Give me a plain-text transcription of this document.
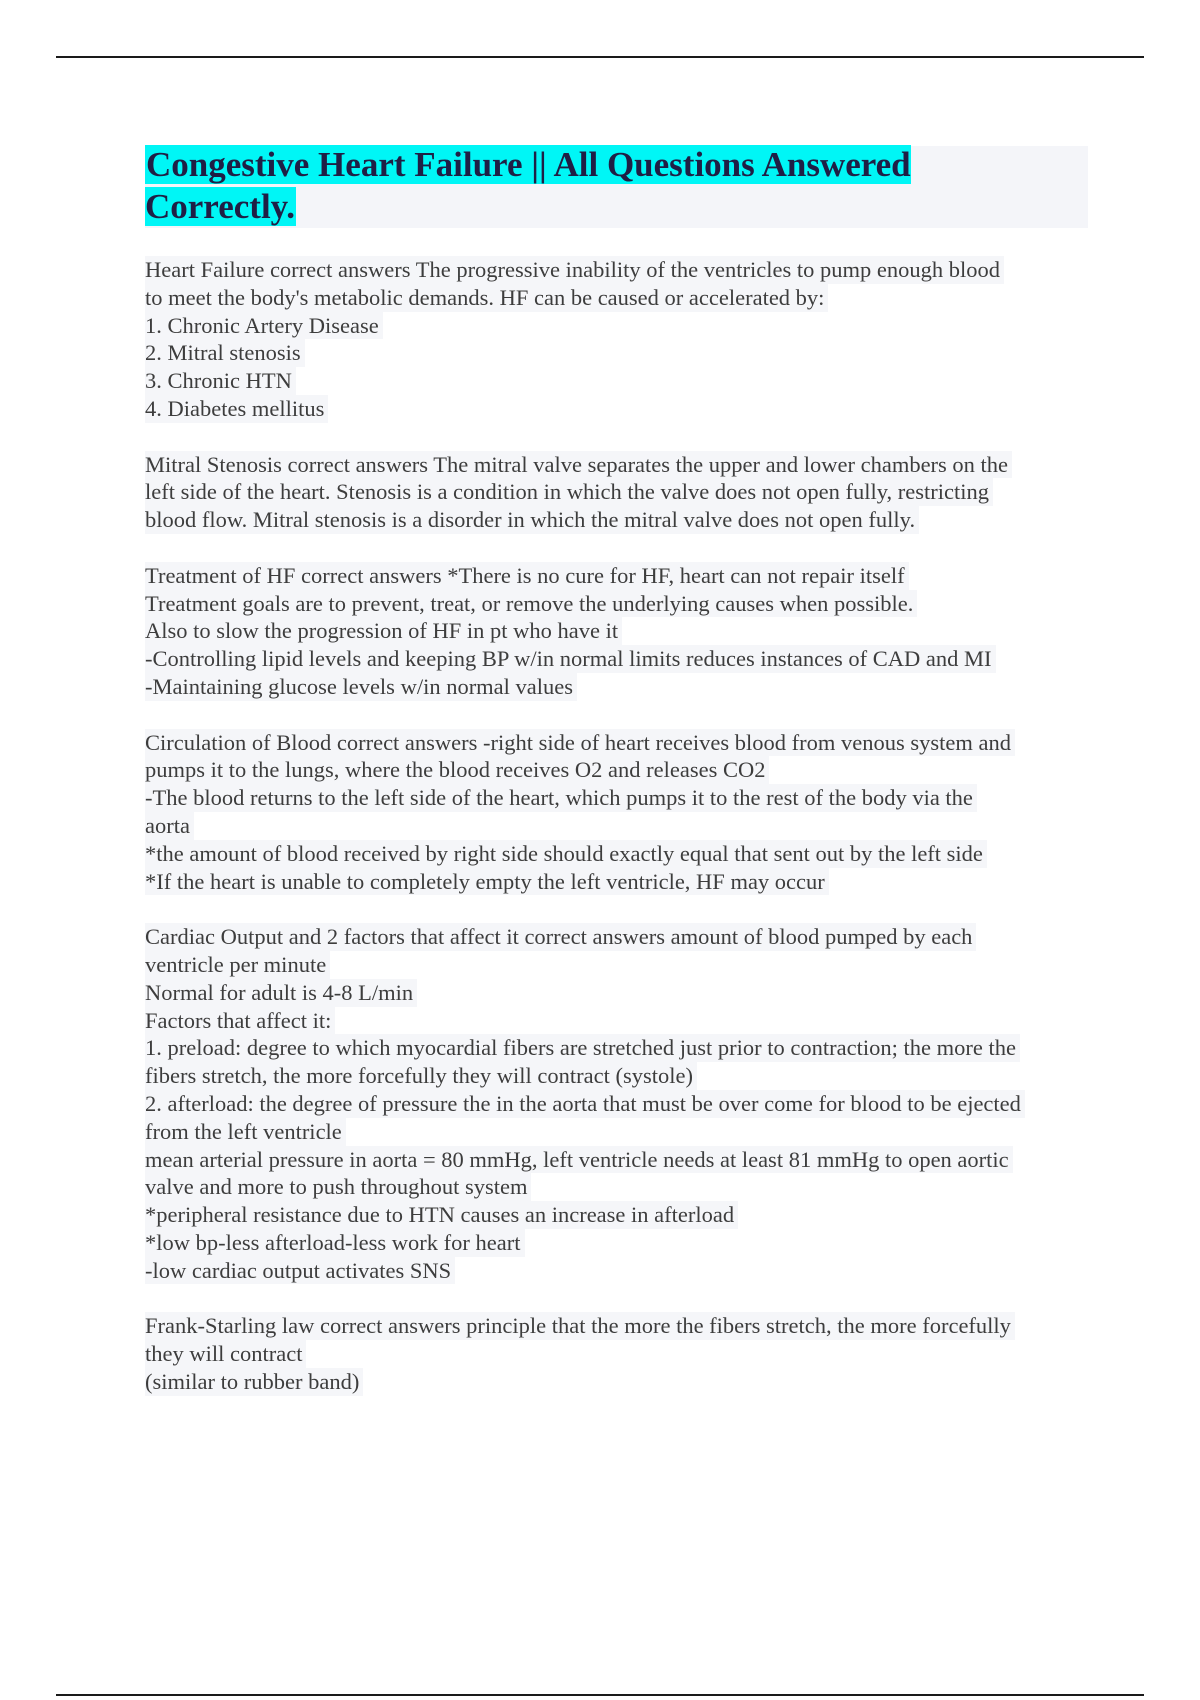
Congestive Heart Failure || All Questions Answered Correctly.
Heart Failure correct answers The progressive inability of the ventricles to pump enough blood
to meet the body's metabolic demands. HF can be caused or accelerated by:
1. Chronic Artery Disease
2. Mitral stenosis
3. Chronic HTN
4. Diabetes mellitus
Mitral Stenosis correct answers The mitral valve separates the upper and lower chambers on the
left side of the heart. Stenosis is a condition in which the valve does not open fully, restricting
blood flow. Mitral stenosis is a disorder in which the mitral valve does not open fully.
Treatment of HF correct answers *There is no cure for HF, heart can not repair itself
Treatment goals are to prevent, treat, or remove the underlying causes when possible.
Also to slow the progression of HF in pt who have it
-Controlling lipid levels and keeping BP w/in normal limits reduces instances of CAD and MI
-Maintaining glucose levels w/in normal values
Circulation of Blood correct answers -right side of heart receives blood from venous system and
pumps it to the lungs, where the blood receives O2 and releases CO2
-The blood returns to the left side of the heart, which pumps it to the rest of the body via the
aorta
*the amount of blood received by right side should exactly equal that sent out by the left side
*If the heart is unable to completely empty the left ventricle, HF may occur
Cardiac Output and 2 factors that affect it correct answers amount of blood pumped by each
ventricle per minute
Normal for adult is 4-8 L/min
Factors that affect it:
1. preload: degree to which myocardial fibers are stretched just prior to contraction; the more the
fibers stretch, the more forcefully they will contract (systole)
2. afterload: the degree of pressure the in the aorta that must be over come for blood to be ejected
from the left ventricle
mean arterial pressure in aorta = 80 mmHg, left ventricle needs at least 81 mmHg to open aortic
valve and more to push throughout system
*peripheral resistance due to HTN causes an increase in afterload
*low bp-less afterload-less work for heart
-low cardiac output activates SNS
Frank-Starling law correct answers principle that the more the fibers stretch, the more forcefully
they will contract
(similar to rubber band)
